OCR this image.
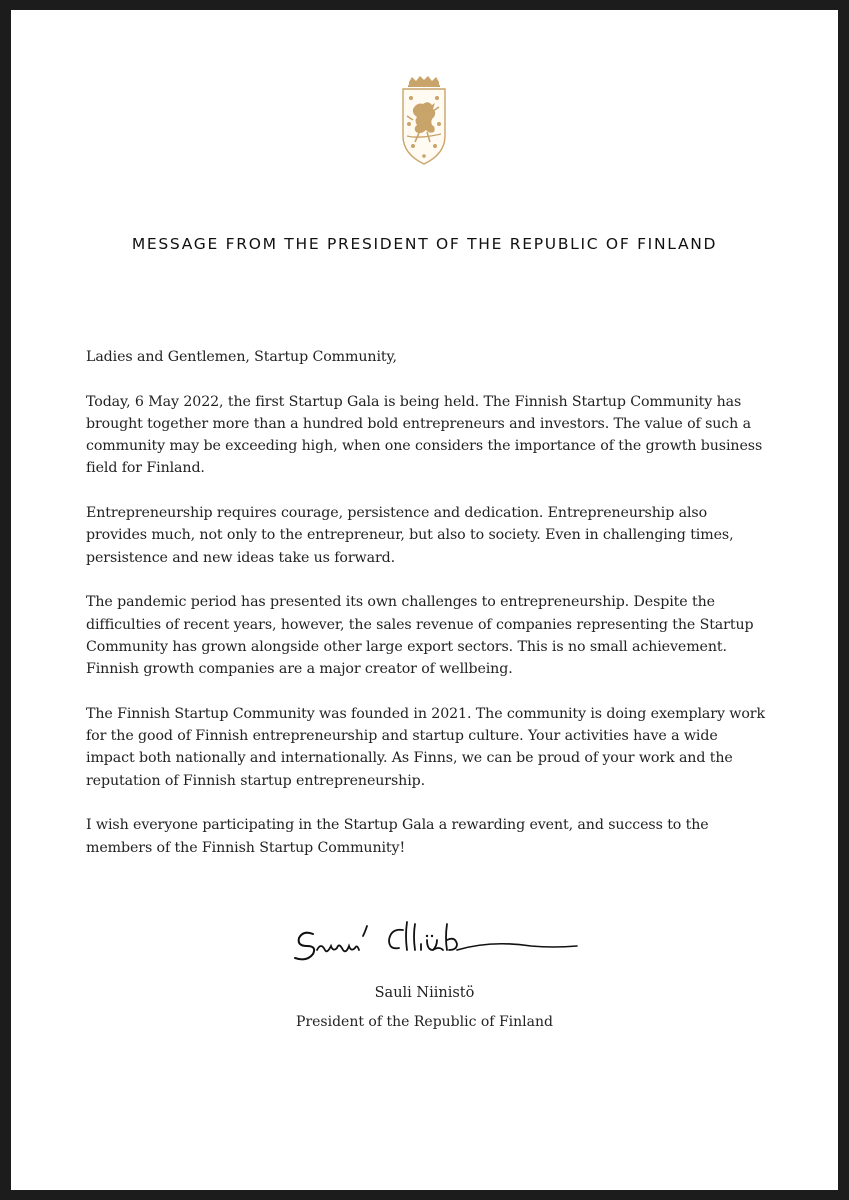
MESSAGE FROM THE PRESIDENT OF THE REPUBLIC OF FINLAND

Ladies and Gentlemen, Startup Community,

Today, 6 May 2022, the first Startup Gala is being held. The Finnish Startup Community has brought together more than a hundred bold entrepreneurs and investors. The value of such a community may be exceeding high, when one considers the importance of the growth business field for Finland.

Entrepreneurship requires courage, persistence and dedication. Entrepreneurship also provides much, not only to the entrepreneur, but also to society. Even in challenging times, persistence and new ideas take us forward.

The pandemic period has presented its own challenges to entrepreneurship. Despite the difficulties of recent years, however, the sales revenue of companies representing the Startup Community has grown alongside other large export sectors. This is no small achievement. Finnish growth companies are a major creator of wellbeing.

The Finnish Startup Community was founded in 2021. The community is doing exemplary work for the good of Finnish entrepreneurship and startup culture. Your activities have a wide impact both nationally and internationally. As Finns, we can be proud of your work and the reputation of Finnish startup entrepreneurship.

I wish everyone participating in the Startup Gala a rewarding event, and success to the members of the Finnish Startup Community!

Sauli Niinistö
President of the Republic of Finland
